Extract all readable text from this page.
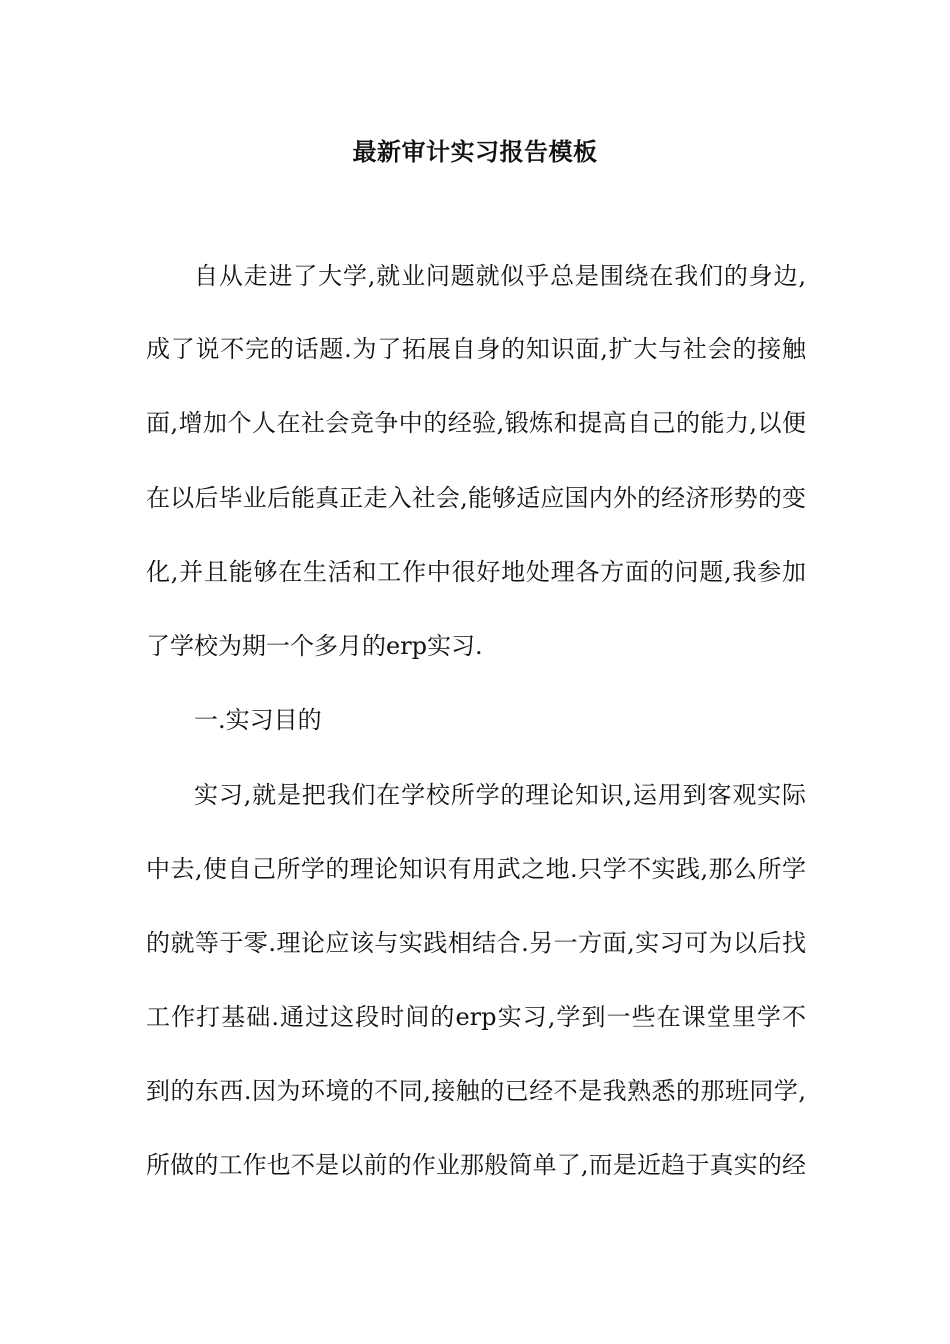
最新审计实习报告模板
自从走进了大学,就业问题就似乎总是围绕在我们的身边,
成了说不完的话题.为了拓展自身的知识面,扩大与社会的接触
面,增加个人在社会竞争中的经验,锻炼和提高自己的能力,以便
在以后毕业后能真正走入社会,能够适应国内外的经济形势的变
化,并且能够在生活和工作中很好地处理各方面的问题,我参加
了学校为期一个多月的erp实习.
一.实习目的
实习,就是把我们在学校所学的理论知识,运用到客观实际
中去,使自己所学的理论知识有用武之地.只学不实践,那么所学
的就等于零.理论应该与实践相结合.另一方面,实习可为以后找
工作打基础.通过这段时间的erp实习,学到一些在课堂里学不
到的东西.因为环境的不同,接触的已经不是我熟悉的那班同学,
所做的工作也不是以前的作业那般简单了,而是近趋于真实的经
